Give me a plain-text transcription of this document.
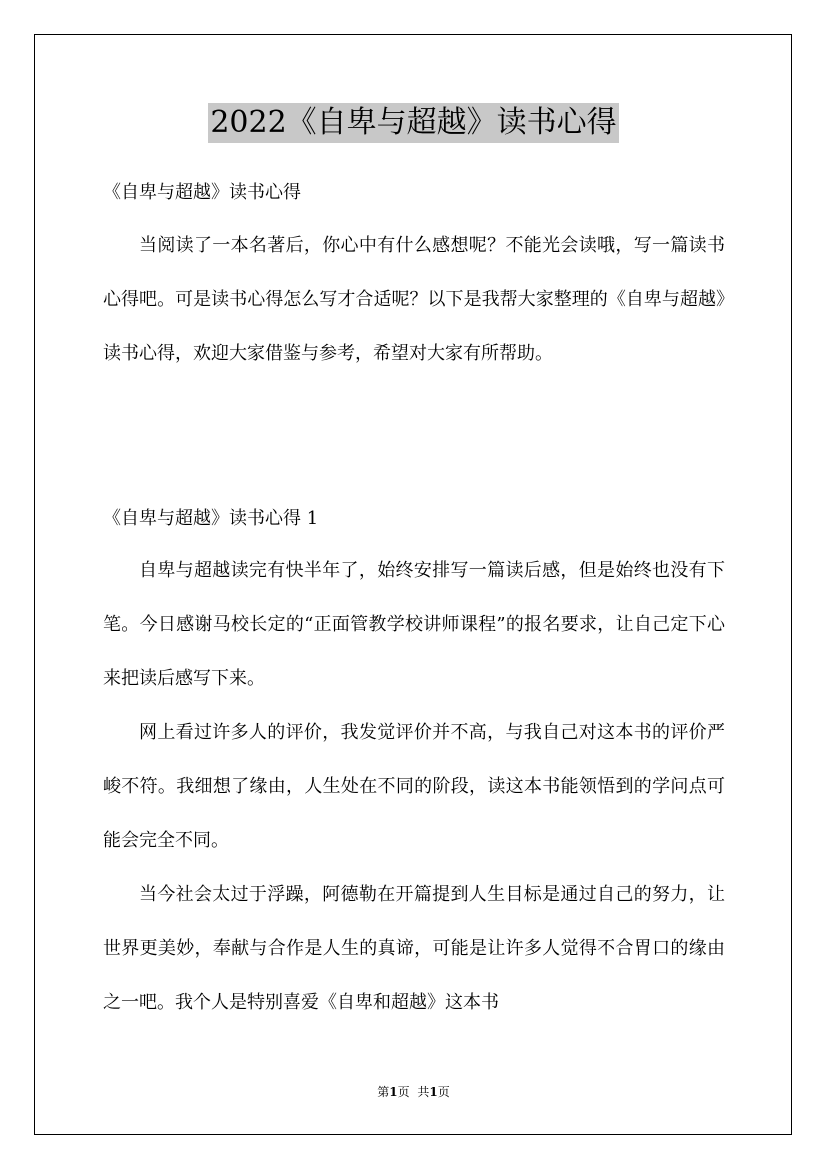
2022《自卑与超越》读书心得
《自卑与超越》读书心得

当阅读了一本名著后，你心中有什么感想呢？不能光会读哦，写一篇读书心得吧。可是读书心得怎么写才合适呢？以下是我帮大家整理的《自卑与超越》读书心得，欢迎大家借鉴与参考，希望对大家有所帮助。

《自卑与超越》读书心得 1

自卑与超越读完有快半年了，始终安排写一篇读后感，但是始终也没有下笔。今日感谢马校长定的“正面管教学校讲师课程”的报名要求，让自己定下心来把读后感写下来。

网上看过许多人的评价，我发觉评价并不高，与我自己对这本书的评价严峻不符。我细想了缘由，人生处在不同的阶段，读这本书能领悟到的学问点可能会完全不同。

当今社会太过于浮躁，阿德勒在开篇提到人生目标是通过自己的努力，让世界更美妙，奉献与合作是人生的真谛，可能是让许多人觉得不合胃口的缘由之一吧。我个人是特别喜爱《自卑和超越》这本书

第1页 共1页
